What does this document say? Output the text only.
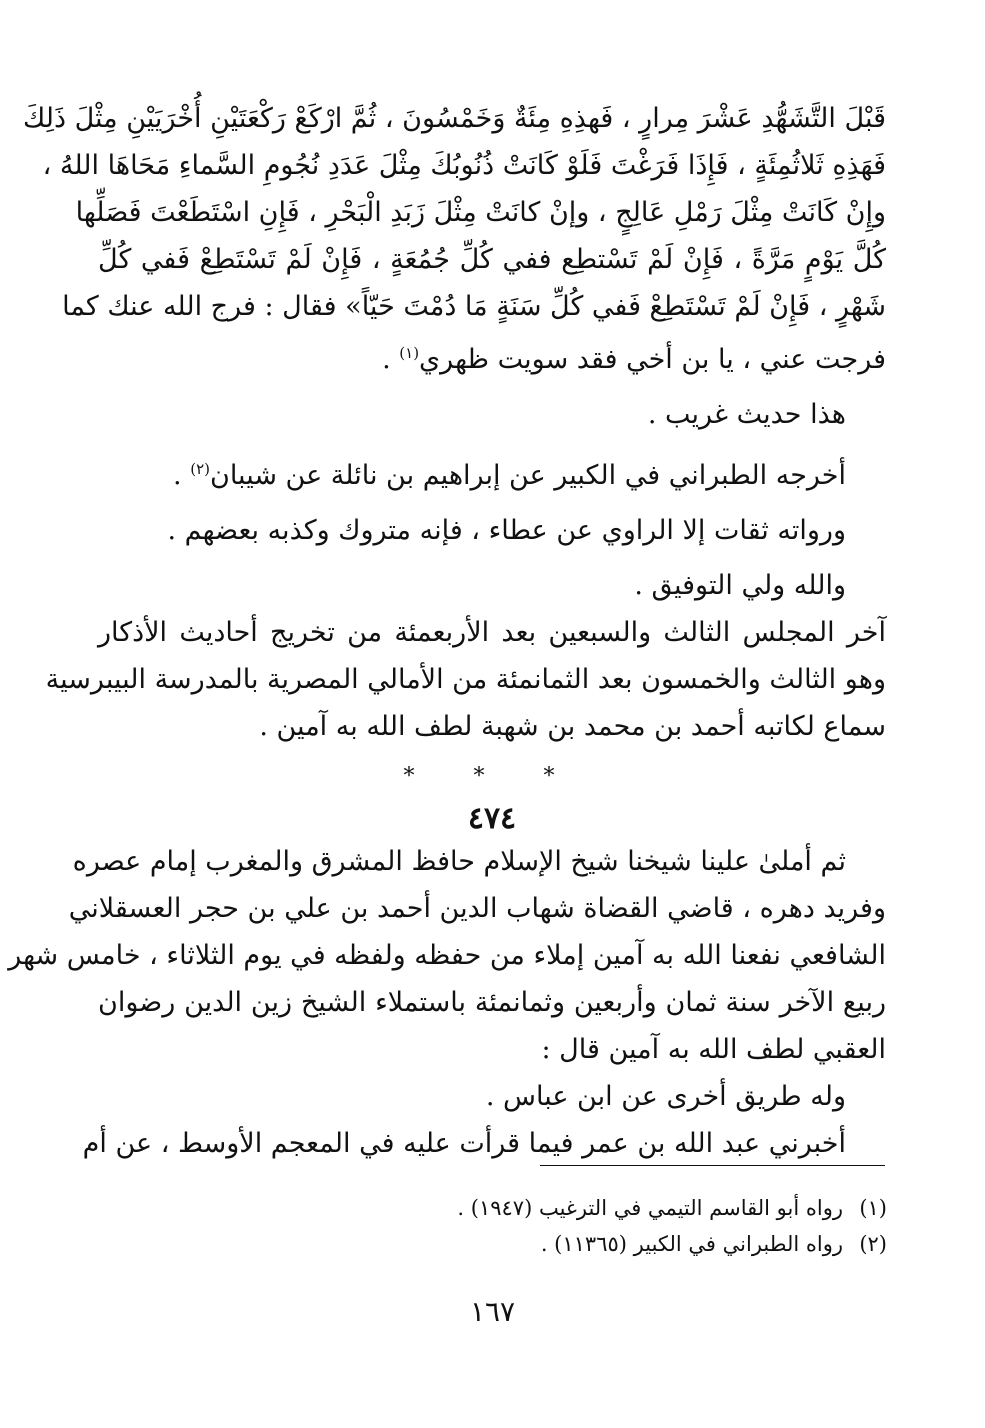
قَبْلَ التَّشَهُّدِ عَشْرَ مِرارٍ ، فَهذِهِ مِئَةٌ وَخَمْسُونَ ، ثُمَّ ارْكَعْ رَكْعَتَيْنِ أُخْرَيَيْنِ مِثْلَ ذَلِكَ
فَهَذِهِ ثَلاثُمِئَةٍ ، فَإِذَا فَرَغْتَ فَلَوْ كَانَتْ ذُنُوبُكَ مِثْلَ عَدَدِ نُجُومِ السَّماءِ مَحَاهَا اللهُ ،
وإِنْ كَانَتْ مِثْلَ رَمْلِ عَالِجٍ ، وإنْ كانَتْ مِثْلَ زَبَدِ الْبَحْرِ ، فَإِنِ اسْتَطَعْتَ فَصَلِّها
كُلَّ يَوْمٍ مَرَّةً ، فَإِنْ لَمْ تَسْتطِع ففي كُلِّ جُمُعَةٍ ، فَإِنْ لَمْ تَسْتَطِعْ فَفي كُلِّ
شَهْرٍ ، فَإِنْ لَمْ تَسْتَطِعْ فَفي كُلِّ سَنَةٍ مَا دُمْتَ حَيّاً» فقال : فرج الله عنك كما
فرجت عني ، يا بن أخي فقد سويت ظهري$^{(١)}$ .
هذا حديث غريب .
أخرجه الطبراني في الكبير عن إبراهيم بن نائلة عن شيبان$^{(٢)}$ .
ورواته ثقات إلا الراوي عن عطاء ، فإنه متروك وكذبه بعضهم .
والله ولي التوفيق .
آخر المجلس الثالث والسبعين بعد الأربعمئة من تخريج أحاديث الأذكار
وهو الثالث والخمسون بعد الثمانمئة من الأمالي المصرية بالمدرسة البيبرسية
سماع لكاتبه أحمد بن محمد بن شهبة لطف الله به آمين .
* * *
٤٧٤
ثم أملىٰ علينا شيخنا شيخ الإسلام حافظ المشرق والمغرب إمام عصره
وفريد دهره ، قاضي القضاة شهاب الدين أحمد بن علي بن حجر العسقلاني
الشافعي نفعنا الله به آمين إملاء من حفظه ولفظه في يوم الثلاثاء ، خامس شهر
ربيع الآخر سنة ثمان وأربعين وثمانمئة باستملاء الشيخ زين الدين رضوان
العقبي لطف الله به آمين قال :
وله طريق أخرى عن ابن عباس .
أخبرني عبد الله بن عمر فيما قرأت عليه في المعجم الأوسط ، عن أم
(١)رواه أبو القاسم التيمي في الترغيب (١٩٤٧) .
(٢)رواه الطبراني في الكبير (١١٣٦٥) .
١٦٧
